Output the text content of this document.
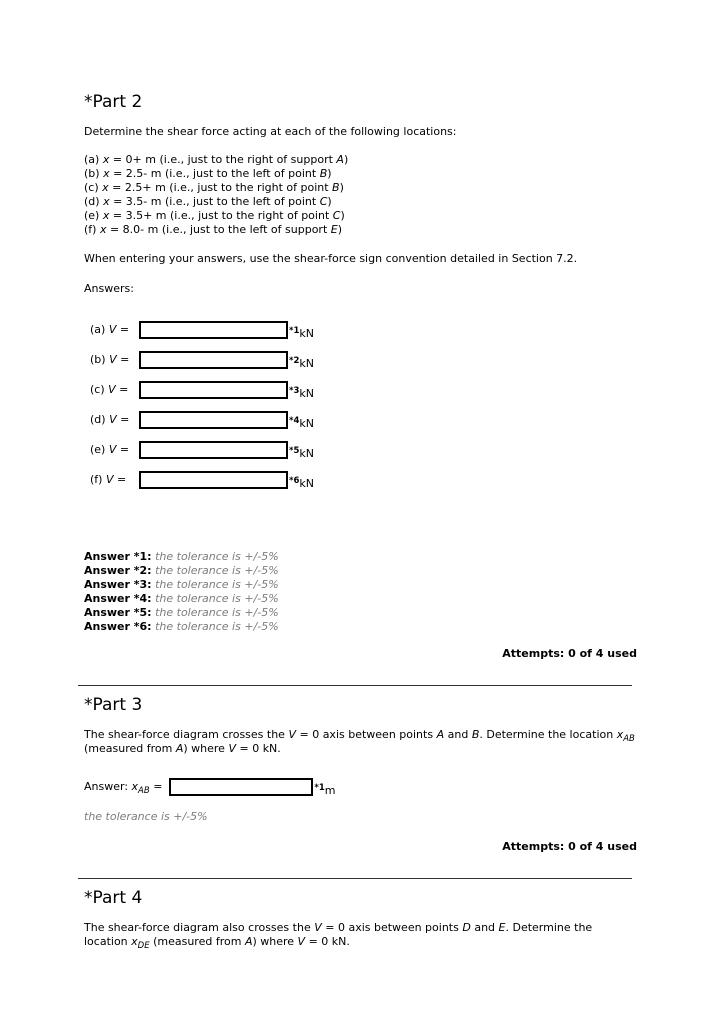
*Part 2
Determine the shear force acting at each of the following locations:
(a) x = 0+ m (i.e., just to the right of support A)
(b) x = 2.5- m (i.e., just to the left of point B)
(c) x = 2.5+ m (i.e., just to the right of point B)
(d) x = 3.5- m (i.e., just to the left of point C)
(e) x = 3.5+ m (i.e., just to the right of point C)
(f) x = 8.0- m (i.e., just to the left of support E)
When entering your answers, use the shear-force sign convention detailed in Section 7.2.
Answers:
(a) V =	$^{*1}$kN
(b) V =	$^{*2}$kN
(c) V =	$^{*3}$kN
(d) V =	$^{*4}$kN
(e) V =	$^{*5}$kN
(f) V =	$^{*6}$kN
Answer *1: the tolerance is +/-5%
Answer *2: the tolerance is +/-5%
Answer *3: the tolerance is +/-5%
Answer *4: the tolerance is +/-5%
Answer *5: the tolerance is +/-5%
Answer *6: the tolerance is +/-5%
Attempts: 0 of 4 used
*Part 3
The shear-force diagram crosses the V = 0 axis between points A and B. Determine the location $x_{AB}$
(measured from A) where V = 0 kN.
Answer: $x_{AB}$ =	$^{*1}$m
the tolerance is +/-5%
Attempts: 0 of 4 used
*Part 4
The shear-force diagram also crosses the V = 0 axis between points D and E. Determine the
location $x_{DE}$ (measured from A) where V = 0 kN.
